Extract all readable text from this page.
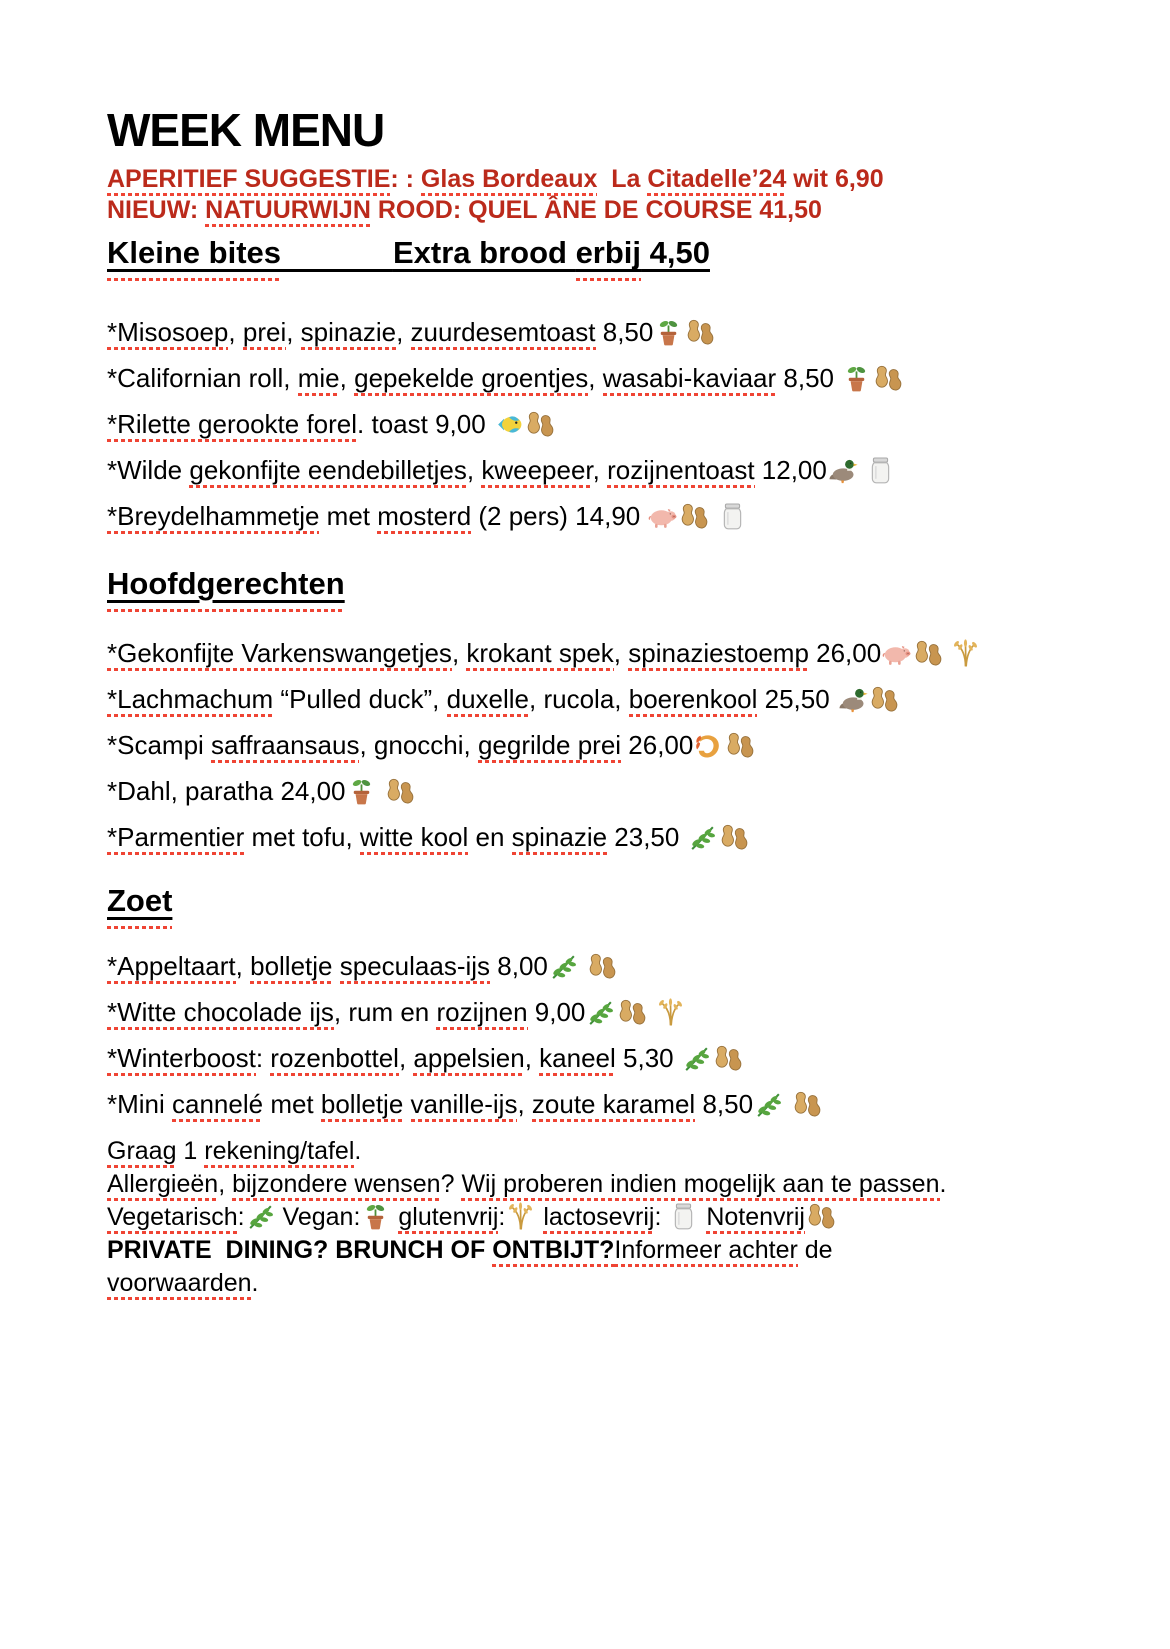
WEEK MENU

APERITIEF SUGGESTIE: : Glas Bordeaux  La Citadelle’24 wit 6,90

NIEUW: NATUURWIJN ROOD: QUEL ÂNE DE COURSE 41,50

Kleine bites	Extra brood erbij 4,50

*Misosoep, prei, spinazie, zuurdesemtoast 8,50

*Californian roll, mie, gepekelde groentjes, wasabi-kaviaar 8,50

*Rilette gerookte forel. toast 9,00

*Wilde gekonfijte eendebilletjes, kweepeer, rozijnentoast 12,00

*Breydelhammetje met mosterd (2 pers) 14,90

Hoofdgerechten

*Gekonfijte Varkenswangetjes, krokant spek, spinaziestoemp 26,00

*Lachmachum “Pulled duck”, duxelle, rucola, boerenkool 25,50

*Scampi saffraansaus, gnocchi, gegrilde prei 26,00

*Dahl, paratha 24,00

*Parmentier met tofu, witte kool en spinazie 23,50

Zoet

*Appeltaart, bolletje speculaas-ijs 8,00

*Witte chocolade ijs, rum en rozijnen 9,00

*Winterboost: rozenbottel, appelsien, kaneel 5,30

*Mini cannelé met bolletje vanille-ijs, zoute karamel 8,50

Graag 1 rekening/tafel.

Allergieën, bijzondere wensen? Wij proberen indien mogelijk aan te passen.

Vegetarisch:
Vegan: glutenvrij: lactosevrij:
Notenvrij

PRIVATE  DINING? BRUNCH OF ONTBIJT?Informeer achter de

voorwaarden.
